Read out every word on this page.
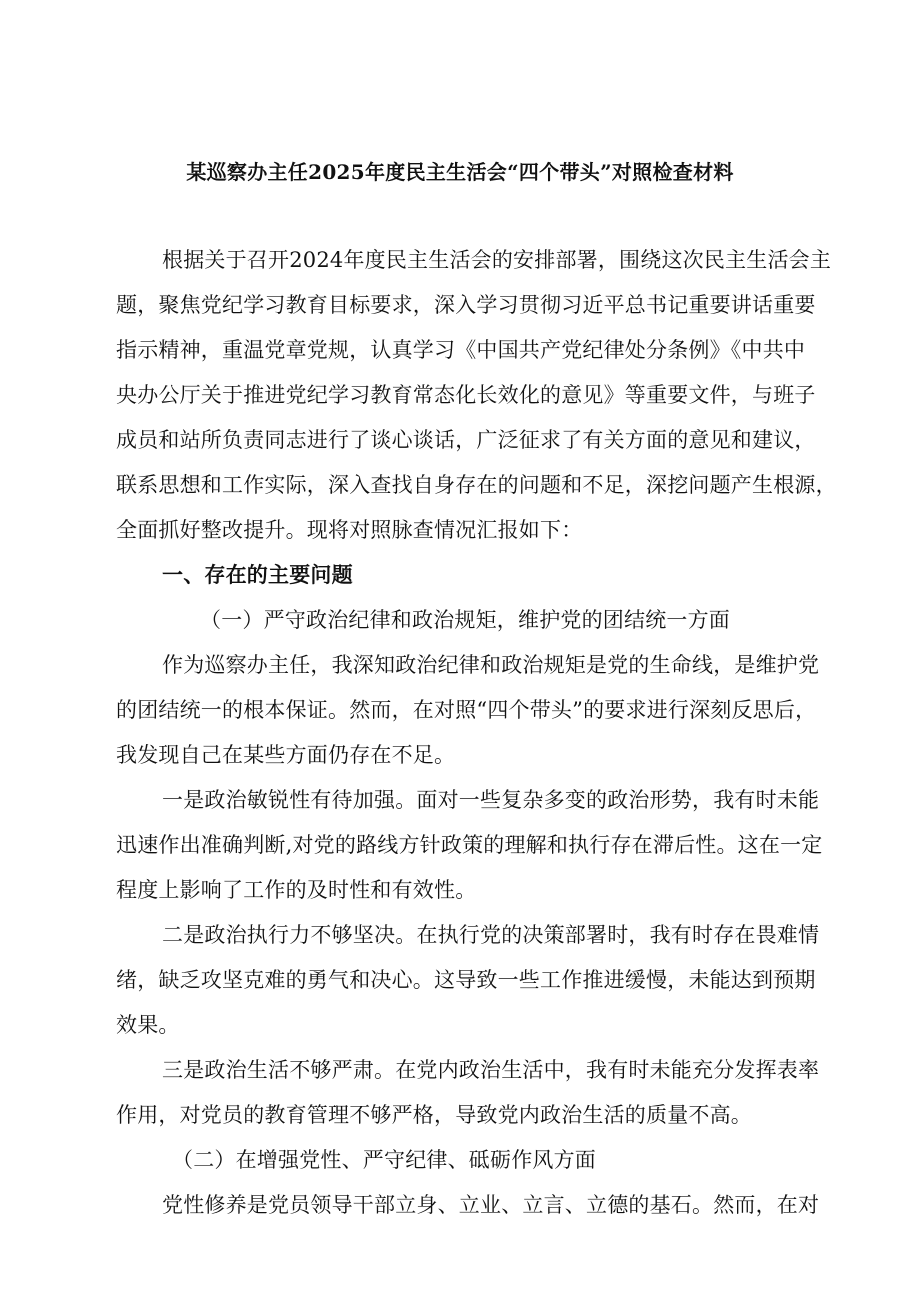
某巡察办主任2025年度民主生活会“四个带头”对照检查材料
根据关于召开2024年度民主生活会的安排部署，围绕这次民主生活会主
题，聚焦党纪学习教育目标要求，深入学习贯彻习近平总书记重要讲话重要
指示精神，重温党章党规，认真学习《中国共产党纪律处分条例》《中共中
央办公厅关于推进党纪学习教育常态化长效化的意见》等重要文件，与班子
成员和站所负责同志进行了谈心谈话，广泛征求了有关方面的意见和建议，
联系思想和工作实际，深入查找自身存在的问题和不足，深挖问题产生根源，
全面抓好整改提升。现将对照脉查情况汇报如下：
一、存在的主要问题
（一）严守政治纪律和政治规矩，维护党的团结统一方面
作为巡察办主任，我深知政治纪律和政治规矩是党的生命线，是维护党
的团结统一的根本保证。然而，在对照“四个带头”的要求进行深刻反思后，
我发现自己在某些方面仍存在不足。
一是政治敏锐性有待加强。面对一些复杂多变的政治形势，我有时未能
迅速作出准确判断,对党的路线方针政策的理解和执行存在滞后性。这在一定
程度上影响了工作的及时性和有效性。
二是政治执行力不够坚决。在执行党的决策部署时，我有时存在畏难情
绪，缺乏攻坚克难的勇气和决心。这导致一些工作推进缓慢，未能达到预期
效果。
三是政治生活不够严肃。在党内政治生活中，我有时未能充分发挥表率
作用，对党员的教育管理不够严格，导致党内政治生活的质量不高。
（二）在增强党性、严守纪律、砥砺作风方面
党性修养是党员领导干部立身、立业、立言、立德的基石。然而，在对
